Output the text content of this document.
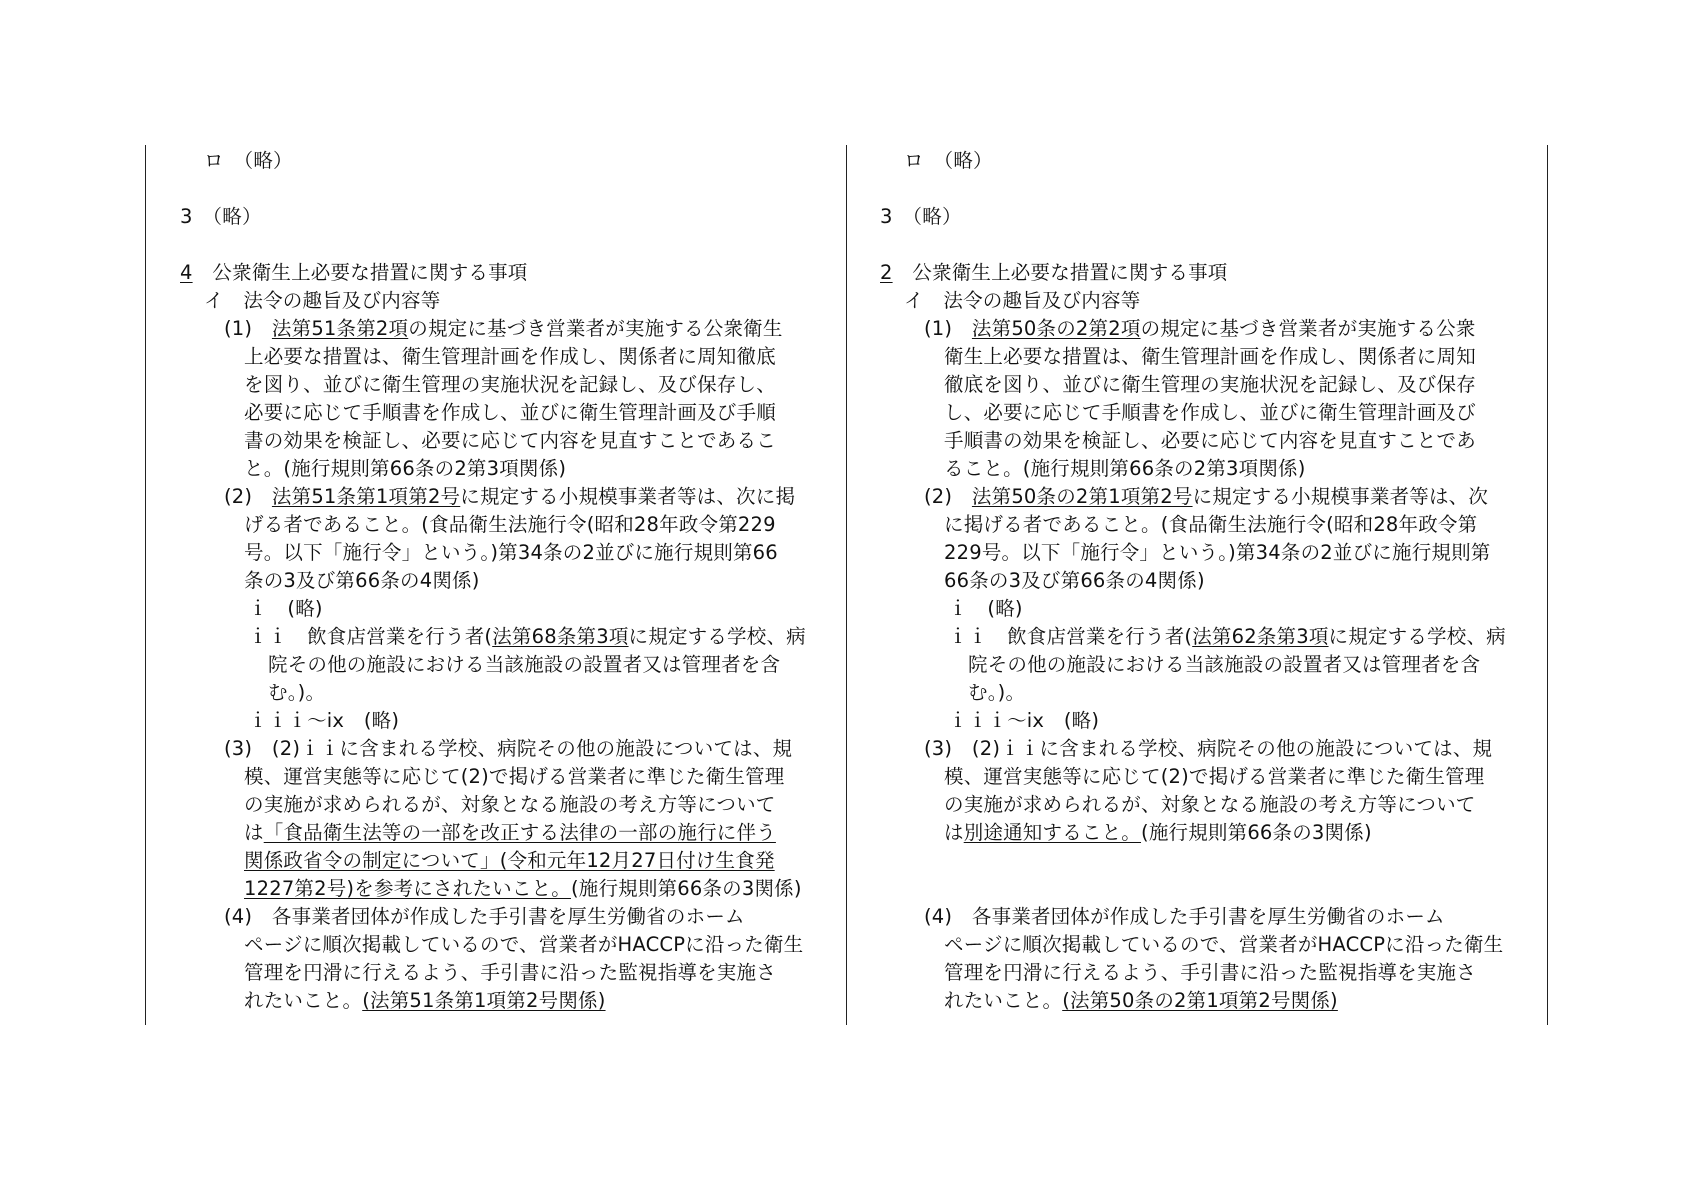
ロ　（略）

3　（略）

4　公衆衛生上必要な措置に関する事項

イ　法令の趣旨及び内容等

(1)　法第51条第2項の規定に基づき営業者が実施する公衆衛生

上必要な措置は、衛生管理計画を作成し、関係者に周知徹底

を図り、並びに衛生管理の実施状況を記録し、及び保存し、

必要に応じて手順書を作成し、並びに衛生管理計画及び手順

書の効果を検証し、必要に応じて内容を見直すことであるこ

と。(施行規則第66条の2第3項関係)

(2)　法第51条第1項第2号に規定する小規模事業者等は、次に掲

げる者であること。(食品衛生法施行令(昭和28年政令第229

号。以下「施行令」という。)第34条の2並びに施行規則第66

条の3及び第66条の4関係)

ｉ　(略)

ｉｉ　飲食店営業を行う者(法第68条第3項に規定する学校、病

院その他の施設における当該施設の設置者又は管理者を含

む。)。

ｉｉｉ～ix　(略)

(3)　(2)ｉｉに含まれる学校、病院その他の施設については、規

模、運営実態等に応じて(2)で掲げる営業者に準じた衛生管理

の実施が求められるが、対象となる施設の考え方等について

は「食品衛生法等の一部を改正する法律の一部の施行に伴う

関係政省令の制定について」(令和元年12月27日付け生食発

1227第2号)を参考にされたいこと。(施行規則第66条の3関係)

(4)　各事業者団体が作成した手引書を厚生労働省のホーム

ページに順次掲載しているので、営業者がHACCPに沿った衛生

管理を円滑に行えるよう、手引書に沿った監視指導を実施さ

れたいこと。(法第51条第1項第2号関係)

ロ　（略）

3　（略）

2　公衆衛生上必要な措置に関する事項

イ　法令の趣旨及び内容等

(1)　法第50条の2第2項の規定に基づき営業者が実施する公衆

衛生上必要な措置は、衛生管理計画を作成し、関係者に周知

徹底を図り、並びに衛生管理の実施状況を記録し、及び保存

し、必要に応じて手順書を作成し、並びに衛生管理計画及び

手順書の効果を検証し、必要に応じて内容を見直すことであ

ること。(施行規則第66条の2第3項関係)

(2)　法第50条の2第1項第2号に規定する小規模事業者等は、次

に掲げる者であること。(食品衛生法施行令(昭和28年政令第

229号。以下「施行令」という。)第34条の2並びに施行規則第

66条の3及び第66条の4関係)

ｉ　(略)

ｉｉ　飲食店営業を行う者(法第62条第3項に規定する学校、病

院その他の施設における当該施設の設置者又は管理者を含

む。)。

ｉｉｉ～ix　(略)

(3)　(2)ｉｉに含まれる学校、病院その他の施設については、規

模、運営実態等に応じて(2)で掲げる営業者に準じた衛生管理

の実施が求められるが、対象となる施設の考え方等について

は別途通知すること。(施行規則第66条の3関係)

(4)　各事業者団体が作成した手引書を厚生労働省のホーム

ページに順次掲載しているので、営業者がHACCPに沿った衛生

管理を円滑に行えるよう、手引書に沿った監視指導を実施さ

れたいこと。(法第50条の2第1項第2号関係)
